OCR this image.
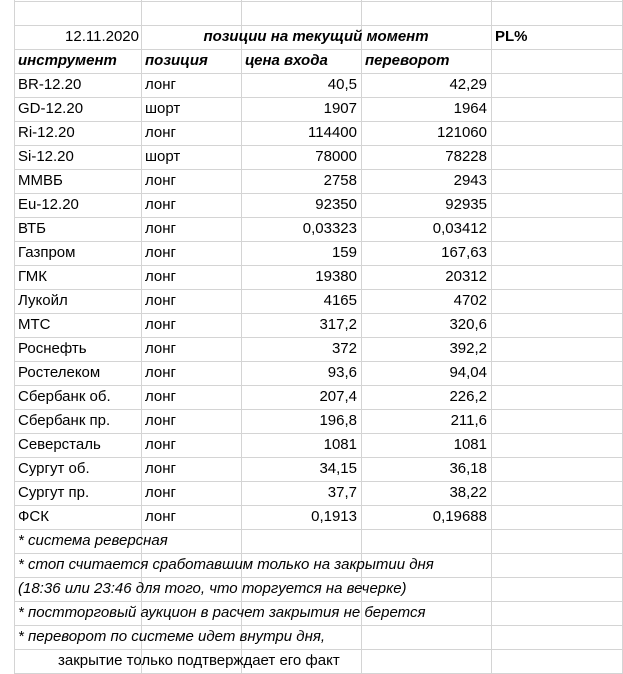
12.11.2020	позиции на текущий момент	PL%
инструмент	позиция	цена входа	переворот
BR-12.20	лонг	40,5	42,29
GD-12.20	шорт	1907	1964
Ri-12.20	лонг	114400	121060
Si-12.20	шорт	78000	78228
ММВБ	лонг	2758	2943
Eu-12.20	лонг	92350	92935
ВТБ	лонг	0,03323	0,03412
Газпром	лонг	159	167,63
ГМК	лонг	19380	20312
Лукойл	лонг	4165	4702
МТС	лонг	317,2	320,6
Роснефть	лонг	372	392,2
Ростелеком	лонг	93,6	94,04
Сбербанк об.	лонг	207,4	226,2
Сбербанк пр.	лонг	196,8	211,6
Северсталь	лонг	1081	1081
Сургут об.	лонг	34,15	36,18
Сургут пр.	лонг	37,7	38,22
ФСК	лонг	0,1913	0,19688
* система реверсная
* стоп считается сработавшим только на закрытии дня
(18:36 или 23:46 для того, что торгуется на вечерке)
* постторговый аукцион в расчет закрытия не берется
* переворот по системе идет внутри дня,
закрытие только подтверждает его факт
